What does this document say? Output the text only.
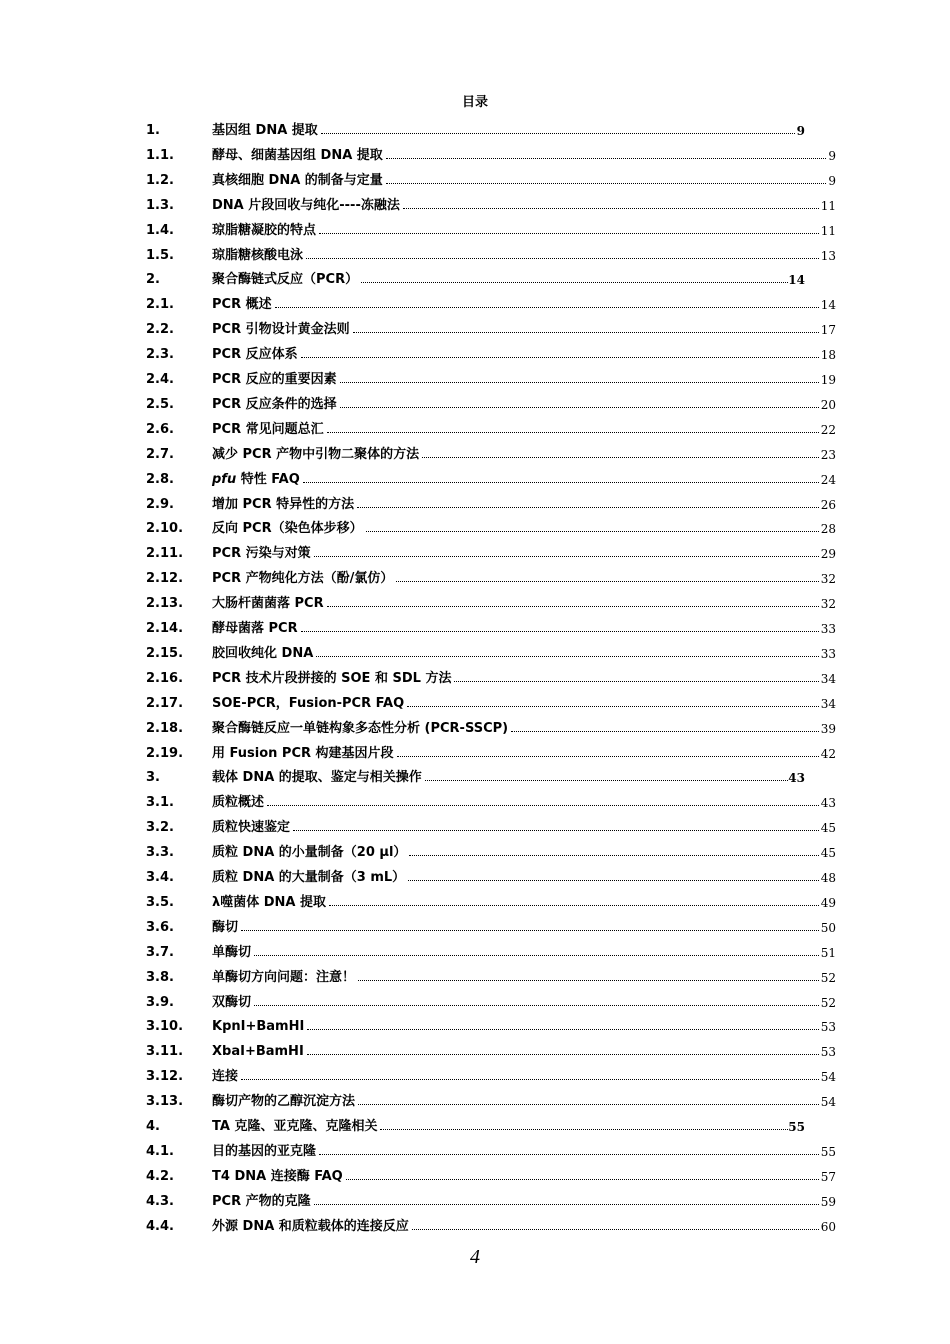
目录
1.	基因组 DNA 提取	9
1.1.	酵母、细菌基因组 DNA 提取	9
1.2.	真核细胞 DNA 的制备与定量	9
1.3.	DNA 片段回收与纯化----冻融法	11
1.4.	琼脂糖凝胶的特点	11
1.5.	琼脂糖核酸电泳	13
2.	聚合酶链式反应（PCR）	14
2.1.	PCR 概述	14
2.2.	PCR 引物设计黄金法则	17
2.3.	PCR 反应体系	18
2.4.	PCR 反应的重要因素	19
2.5.	PCR 反应条件的选择	20
2.6.	PCR 常见问题总汇	22
2.7.	减少 PCR 产物中引物二聚体的方法	23
2.8.	pfu 特性 FAQ	24
2.9.	增加 PCR 特异性的方法	26
2.10. 反向 PCR（染色体步移）	28
2.11. PCR 污染与对策	29
2.12. PCR 产物纯化方法（酚/氯仿）	32
2.13. 大肠杆菌菌落 PCR	32
2.14. 酵母菌落 PCR	33
2.15. 胶回收纯化 DNA	33
2.16. PCR 技术片段拼接的 SOE 和 SDL 方法	34
2.17. SOE-PCR，Fusion-PCR FAQ	34
2.18. 聚合酶链反应一单链构象多态性分析 (PCR-SSCP)	39
2.19. 用 Fusion PCR 构建基因片段	42
3.	载体 DNA 的提取、鉴定与相关操作	43
3.1.	质粒概述	43
3.2.	质粒快速鉴定	45
3.3.	质粒 DNA 的小量制备（20 µl）	45
3.4.	质粒 DNA 的大量制备（3 mL）	48
3.5.	λ噬菌体 DNA 提取	49
3.6.	酶切	50
3.7.	单酶切	51
3.8.	单酶切方向问题：注意！	52
3.9.	双酶切	52
3.10. KpnI+BamHI	53
3.11. XbaI+BamHI	53
3.12. 连接	54
3.13. 酶切产物的乙醇沉淀方法	54
4.	TA 克隆、亚克隆、克隆相关	55
4.1.	目的基因的亚克隆	55
4.2.	T4 DNA 连接酶 FAQ	57
4.3.	PCR 产物的克隆	59
4.4.	外源 DNA 和质粒载体的连接反应	60
4
